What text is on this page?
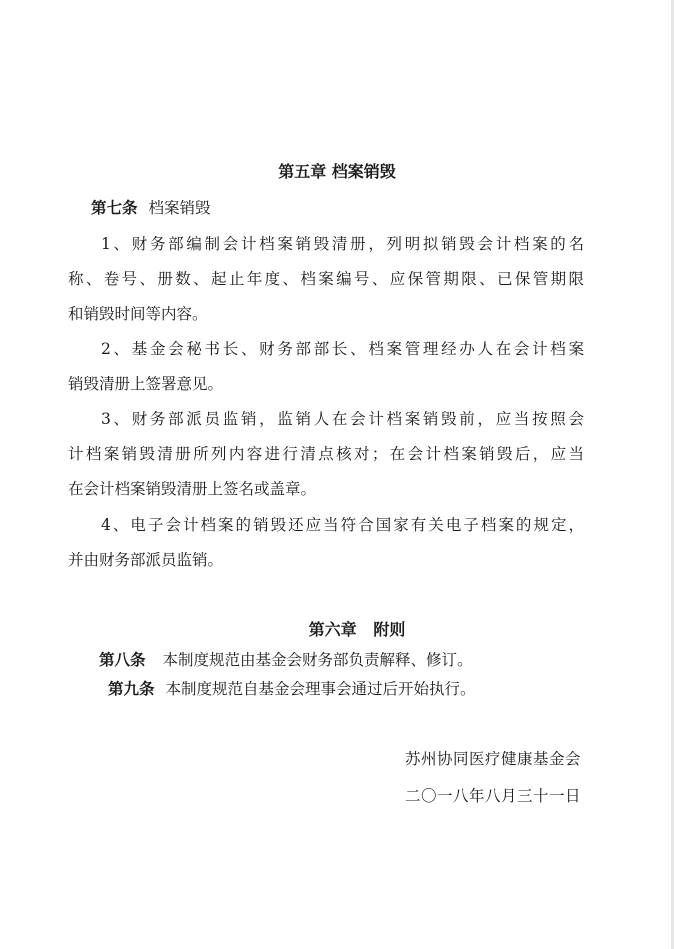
第五章 档案销毁
第七条 档案销毁
1、财务部编制会计档案销毁清册，列明拟销毁会计档案的名
称、卷号、册数、起止年度、档案编号、应保管期限、已保管期限
和销毁时间等内容。
2、基金会秘书长、财务部部长、档案管理经办人在会计档案
销毁清册上签署意见。
3、财务部派员监销，监销人在会计档案销毁前，应当按照会
计档案销毁清册所列内容进行清点核对；在会计档案销毁后，应当
在会计档案销毁清册上签名或盖章。
4、电子会计档案的销毁还应当符合国家有关电子档案的规定，
并由财务部派员监销。
第六章   附则
第八条 本制度规范由基金会财务部负责解释、修订。
第九条 本制度规范自基金会理事会通过后开始执行。
苏州协同医疗健康基金会
二〇一八年八月三十一日
